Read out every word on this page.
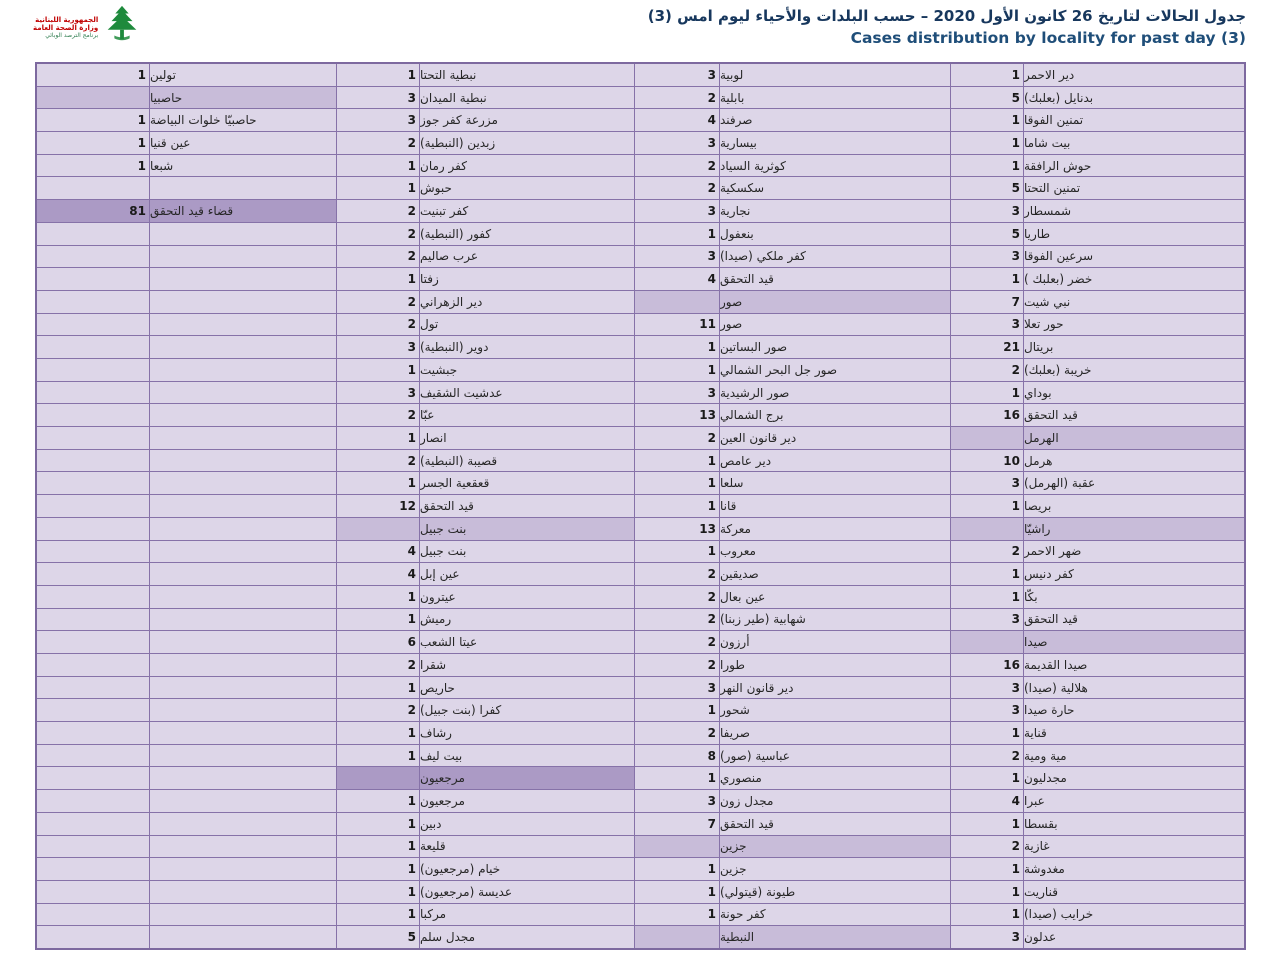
الجمهورية اللبنانية
وزارة الصحة العامة
برنامج الترصد الوبائي
جدول الحالات لتاريخ 26 كانون الأول 2020 – حسب البلدات والأحياء ليوم امس (3)
Cases distribution by locality for past day (3)
1 تولين	1 نبطية التحتا	3 لوبية	1 دير الاحمر
حاصبيا	3 نبطية الميدان	2 بابلية	5 بدنايل (بعلبك)
1 حاصبيّا خلوات البياضة	3 مزرعة كفر جوز	4 صرفند	1 تمنين الفوقا
1 عين قنيا	2 زبدين (النبطية)	3 بيسارية	1 بيت شاما
1 شبعا	1 كفر رمان	2 كوثرية السياد	1 حوش الرافقة
1 حبوش	2 سكسكية	5 تمنين التحتا
81 قضاء قيد التحقق	2 كفر تبنيت	3 نجارية	3 شمسطار
2 كفور (النبطية)	1 بنعفول	5 طاريا
2 عرب صاليم	3 كفر ملكي (صيدا)	3 سرعين الفوقا
1 زفتا	4 قيد التحقق	1 خضر (بعلبك )
2 دير الزهراني	صور	7 نبي شيت
2 تول	11 صور	3 حور تعلا
3 دوير (النبطية)	1 صور البساتين	21 بريتال
1 جبشيت	1 صور جل البحر الشمالي	2 خريبة (بعلبك)
3 عدشيت الشقيف	3 صور الرشيدية	1 بوداي
2 عبّا	13 برج الشمالي	16 قيد التحقق
1 انصار	2 دير قانون العين	الهرمل
2 قصيبة (النبطية)	1 دير عامص	10 هرمل
1 قعقعية الجسر	1 سلعا	3 عقبة (الهرمل)
12 قيد التحقق	1 قانا	1 بريصا
بنت جبيل	13 معركة	راشيّا
4 بنت جبيل	1 معروب	2 ضهر الاحمر
4 عين إبل	2 صديقين	1 كفر دنيس
1 عيترون	2 عين بعال	1 بكّا
1 رميش	2 شهابية (طير زبنا)	3 قيد التحقق
6 عيتا الشعب	2 أرزون	صيدا
2 شقرا	2 طورا	16 صيدا القديمة
1 حاريص	3 دير قانون النهر	3 هلالية (صيدا)
2 كفرا (بنت جبيل)	1 شحور	3 حارة صيدا
1 رشاف	2 صريفا	1 قناية
1 بيت ليف	8 عباسية (صور)	2 مية ومية
مرجعيون	1 منصوري	1 مجدليون
1 مرجعيون	3 مجدل زون	4 عبرا
1 دبين	7 قيد التحقق	1 بقسطا
1 قليعة	جزين	2 غازية
1 خيام (مرجعيون)	1 جزين	1 مغدوشة
1 عديسة (مرجعيون)	1 طيونة (قيتولي)	1 قناريت
1 مركبا	1 كفر حونة	1 خرايب (صيدا)
5 مجدل سلم	النبطية	3 عدلون
